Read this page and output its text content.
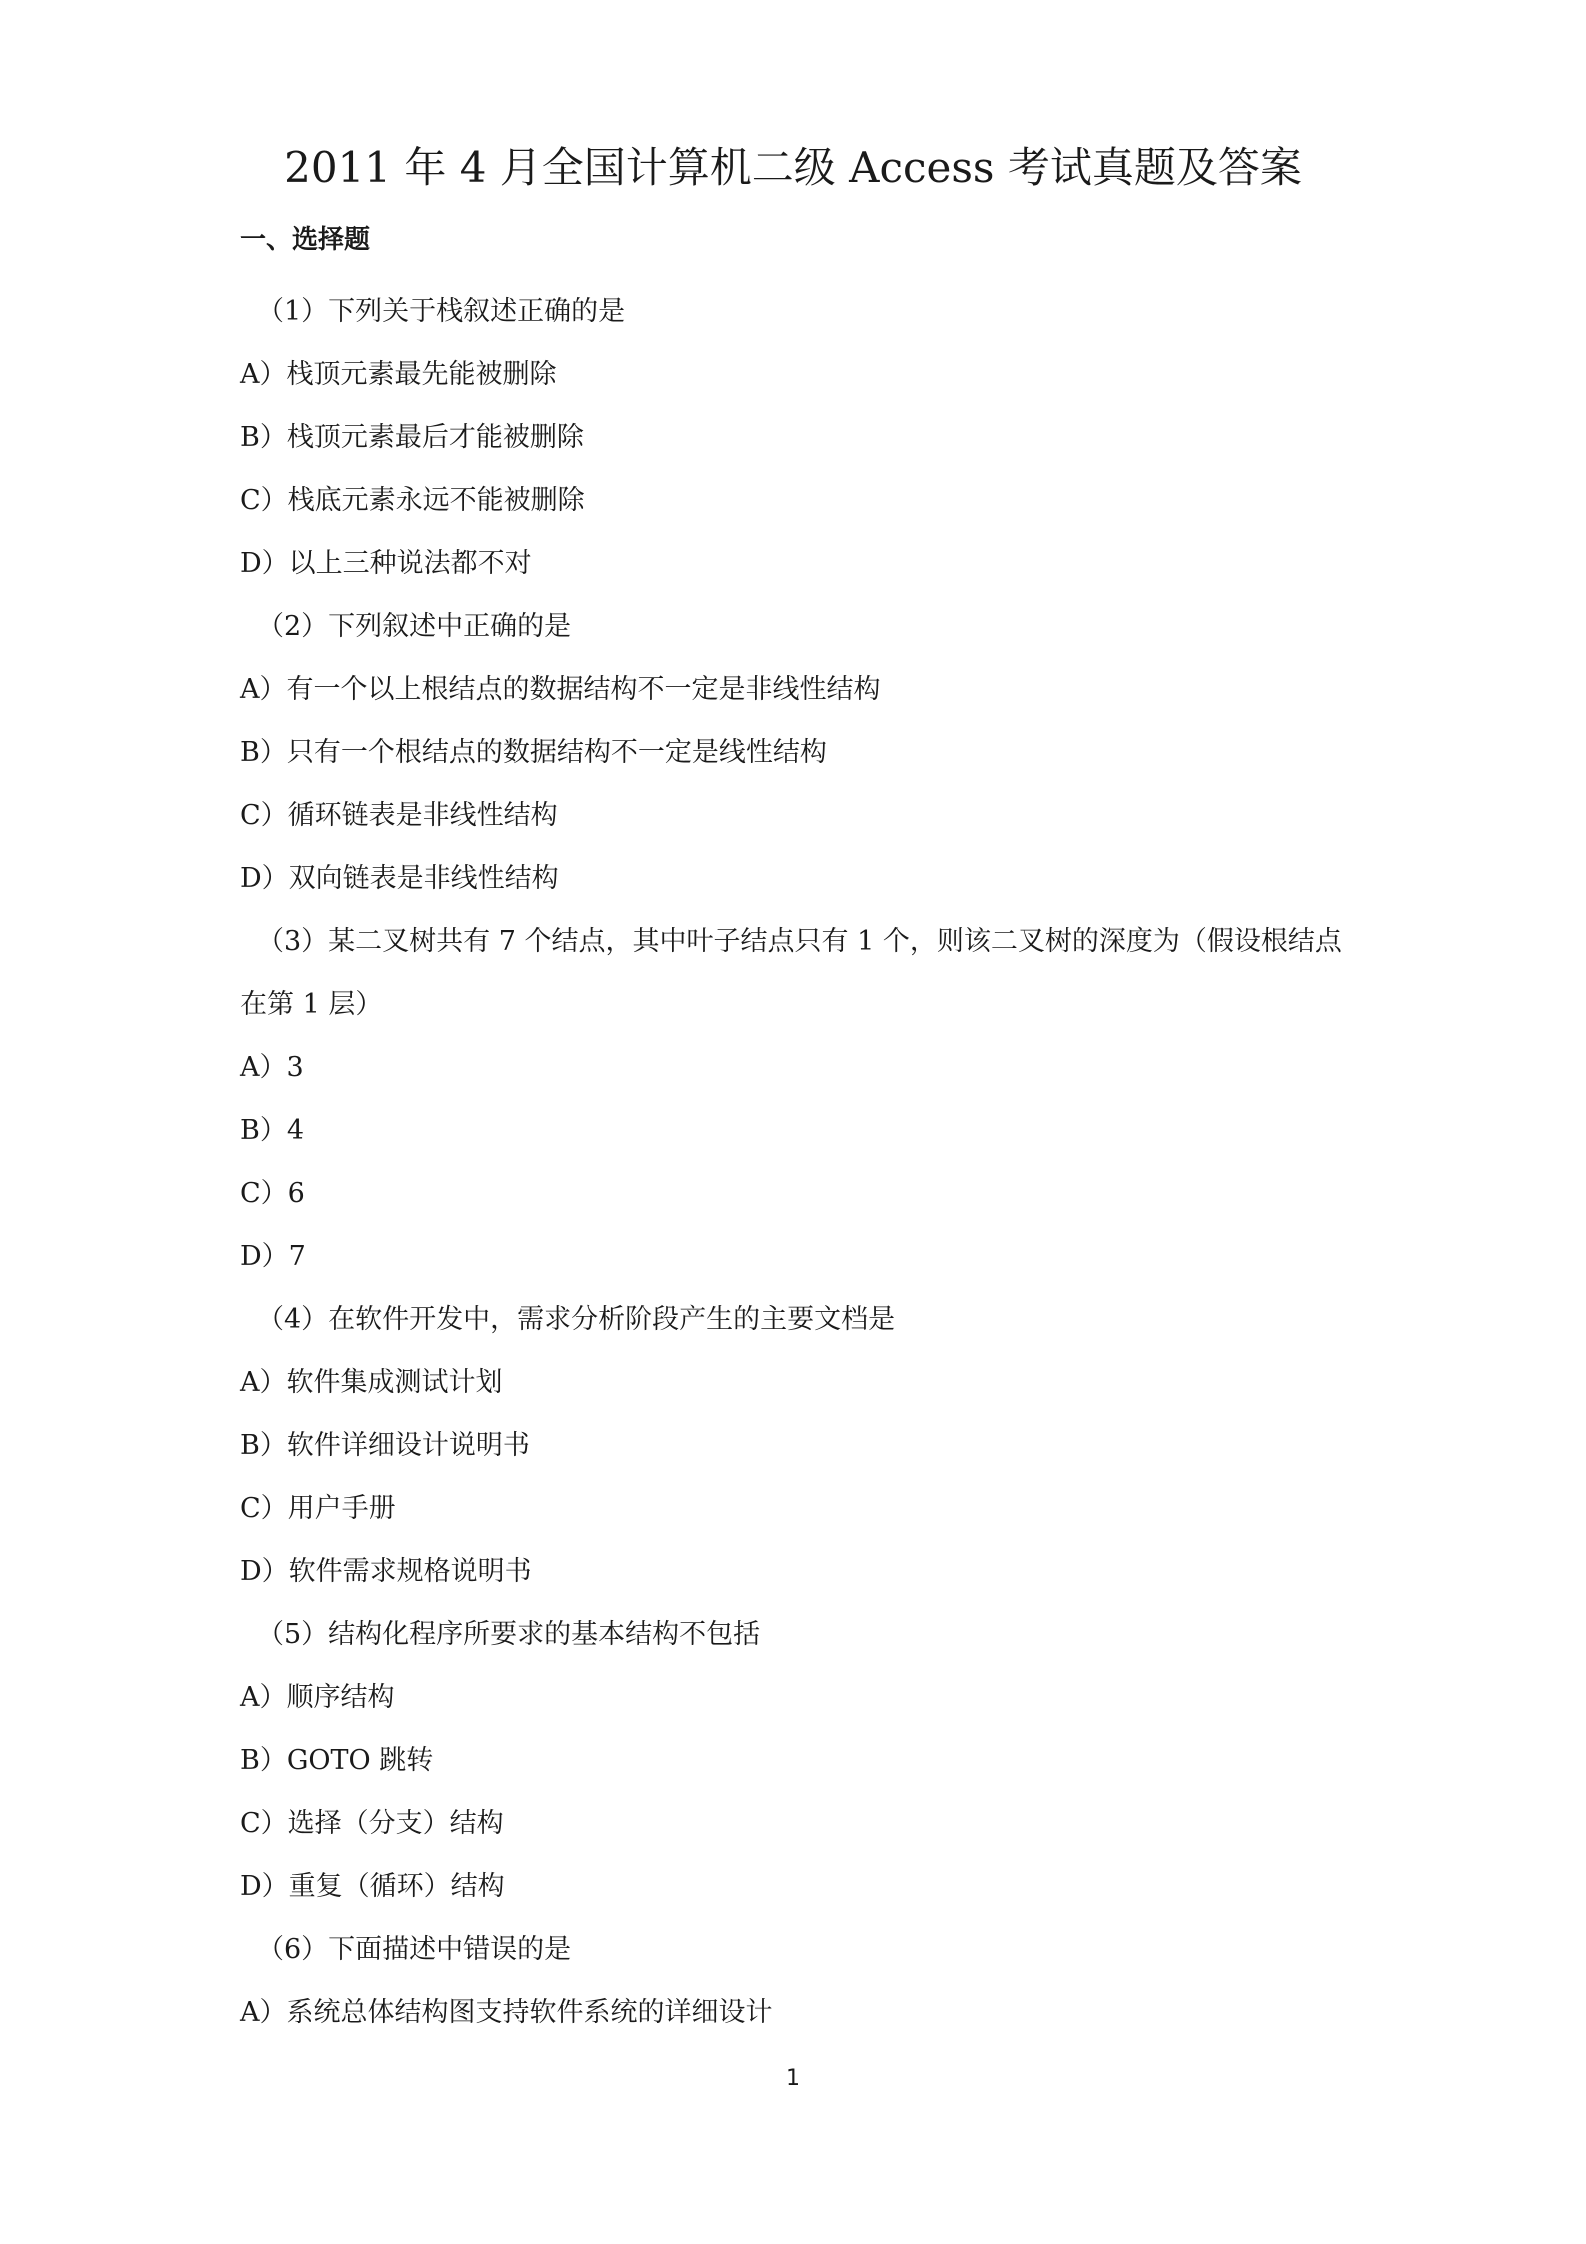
2011 年 4 月全国计算机二级 Access 考试真题及答案
一、选择题
（1）下列关于栈叙述正确的是
A）栈顶元素最先能被删除
B）栈顶元素最后才能被删除
C）栈底元素永远不能被删除
D）以上三种说法都不对
（2）下列叙述中正确的是
A）有一个以上根结点的数据结构不一定是非线性结构
B）只有一个根结点的数据结构不一定是线性结构
C）循环链表是非线性结构
D）双向链表是非线性结构
（3）某二叉树共有 7 个结点，其中叶子结点只有 1 个，则该二叉树的深度为（假设根结点
在第 1 层）
A）3
B）4
C）6
D）7
（4）在软件开发中，需求分析阶段产生的主要文档是
A）软件集成测试计划
B）软件详细设计说明书
C）用户手册
D）软件需求规格说明书
（5）结构化程序所要求的基本结构不包括
A）顺序结构
B）GOTO 跳转
C）选择（分支）结构
D）重复（循环）结构
（6）下面描述中错误的是
A）系统总体结构图支持软件系统的详细设计
1
